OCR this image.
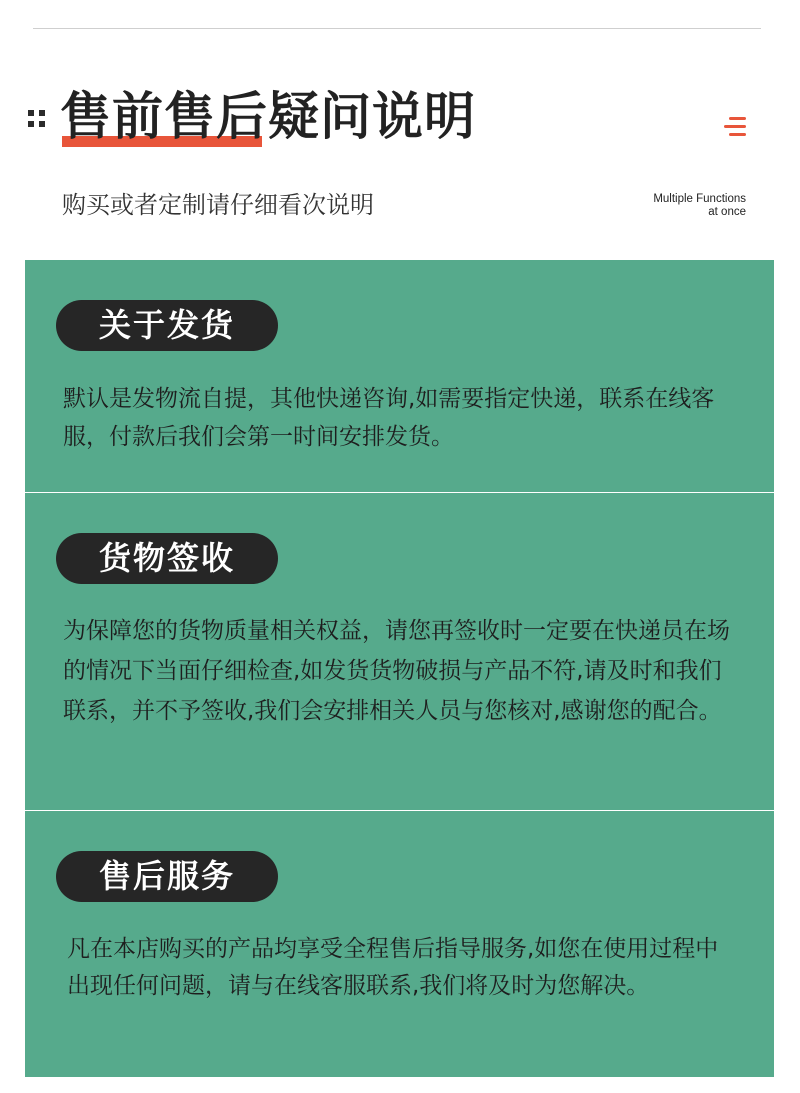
售前售后疑问说明
购买或者定制请仔细看次说明	Multiple Functions
at once
关于发货

默认是发物流自提，其他快递咨询,如需要指定快递，联系在线客服，付款后我们会第一时间安排发货。

货物签收

为保障您的货物质量相关权益，请您再签收时一定要在快递员在场的情况下当面仔细检查,如发货货物破损与产品不符,请及时和我们联系，并不予签收,我们会安排相关人员与您核对,感谢您的配合。

售后服务

凡在本店购买的产品均享受全程售后指导服务,如您在使用过程中出现任何问题，请与在线客服联系,我们将及时为您解决。
